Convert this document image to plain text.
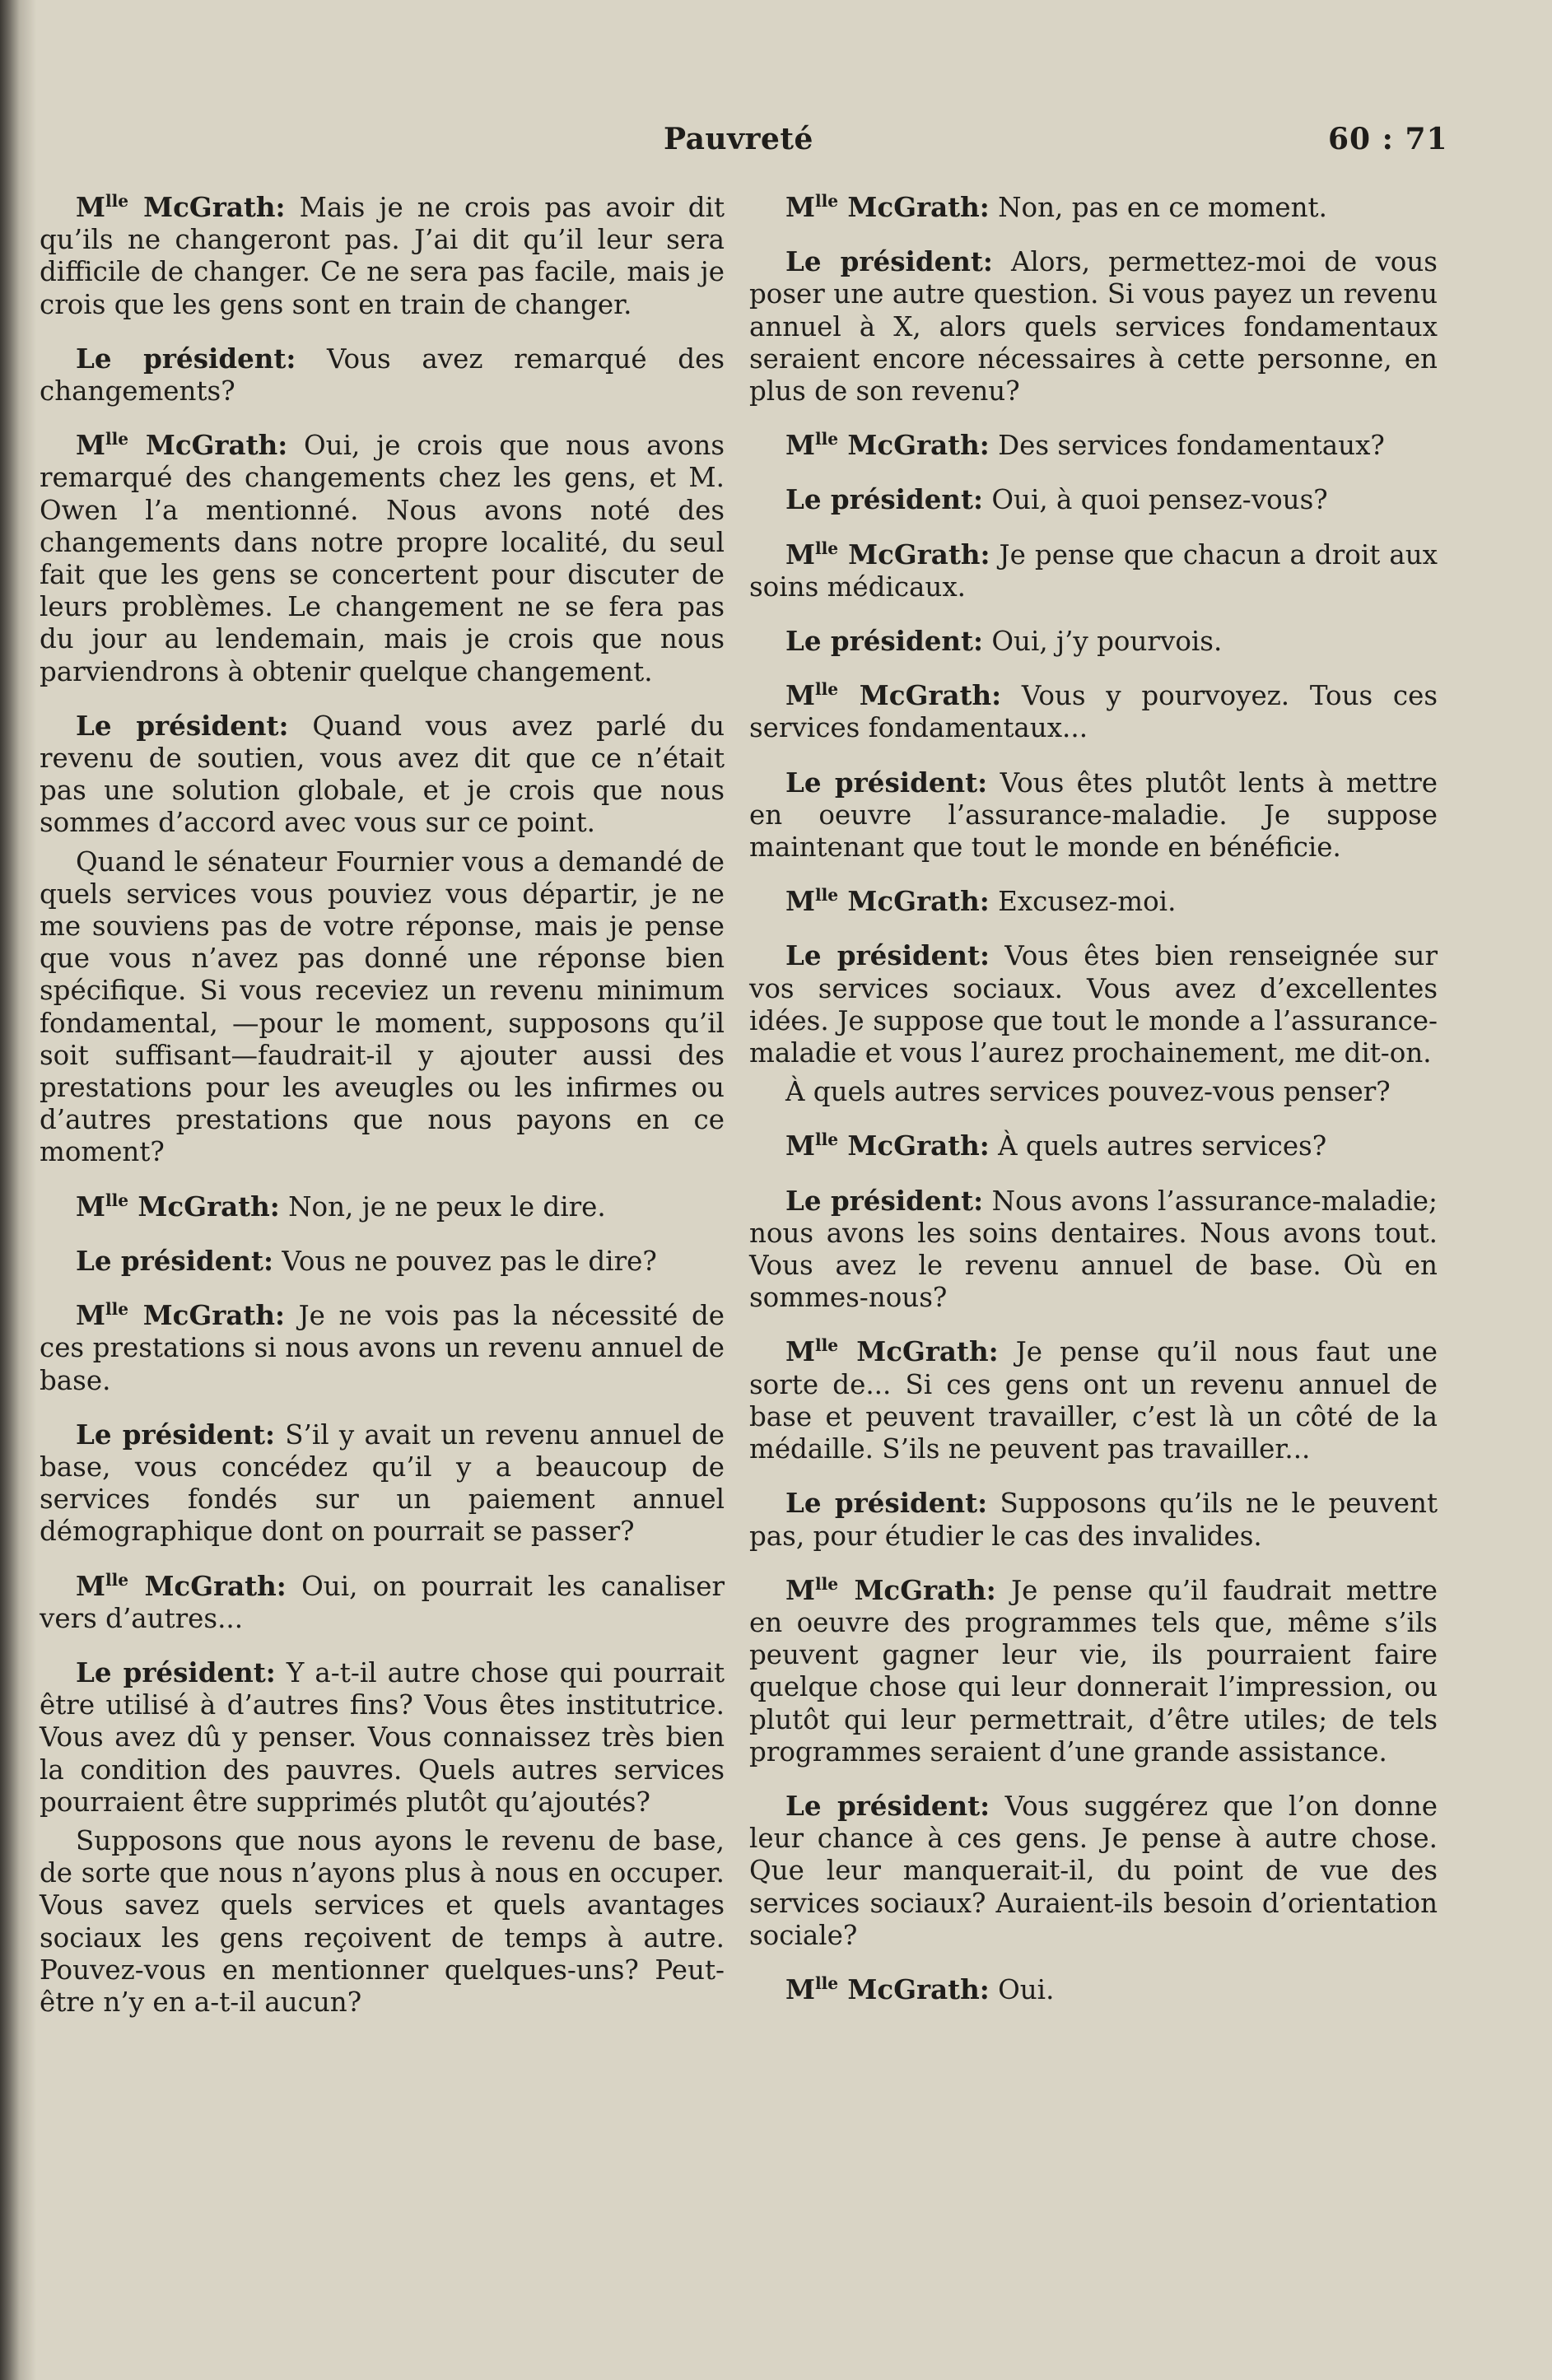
Pauvreté	60 : 71

$M^{lle}$ McGrath: Mais je ne crois pas avoir dit qu’ils ne changeront pas. J’ai dit qu’il leur sera difficile de changer. Ce ne sera pas facile, mais je crois que les gens sont en train de changer.

Le président: Vous avez remarqué des changements?

$M^{lle}$ McGrath: Oui, je crois que nous avons remarqué des changements chez les gens, et M. Owen l’a mentionné. Nous avons noté des changements dans notre propre localité, du seul fait que les gens se concertent pour discuter de leurs problèmes. Le changement ne se fera pas du jour au lendemain, mais je crois que nous parviendrons à obtenir quelque changement.

Le président: Quand vous avez parlé du revenu de soutien, vous avez dit que ce n’était pas une solution globale, et je crois que nous sommes d’accord avec vous sur ce point.

Quand le sénateur Fournier vous a demandé de quels services vous pouviez vous départir, je ne me souviens pas de votre réponse, mais je pense que vous n’avez pas donné une réponse bien spécifique. Si vous receviez un revenu minimum fondamental, —pour le moment, supposons qu’il soit suffisant—faudrait-il y ajouter aussi des prestations pour les aveugles ou les infirmes ou d’autres prestations que nous payons en ce moment?

$M^{lle}$ McGrath: Non, je ne peux le dire.

Le président: Vous ne pouvez pas le dire?

$M^{lle}$ McGrath: Je ne vois pas la nécessité de ces prestations si nous avons un revenu annuel de base.

Le président: S’il y avait un revenu annuel de base, vous concédez qu’il y a beaucoup de services fondés sur un paiement annuel démographique dont on pourrait se passer?

$M^{lle}$ McGrath: Oui, on pourrait les canaliser vers d’autres...

Le président: Y a-t-il autre chose qui pourrait être utilisé à d’autres fins? Vous êtes institutrice. Vous avez dû y penser. Vous connaissez très bien la condition des pauvres. Quels autres services pourraient être supprimés plutôt qu’ajoutés?

Supposons que nous ayons le revenu de base, de sorte que nous n’ayons plus à nous en occuper. Vous savez quels services et quels avantages sociaux les gens reçoivent de temps à autre. Pouvez-vous en mentionner quelques-uns? Peut-être n’y en a-t-il aucun?

$M^{lle}$ McGrath: Non, pas en ce moment.

Le président: Alors, permettez-moi de vous poser une autre question. Si vous payez un revenu annuel à X, alors quels services fondamentaux seraient encore nécessaires à cette personne, en plus de son revenu?

$M^{lle}$ McGrath: Des services fondamentaux?

Le président: Oui, à quoi pensez-vous?

$M^{lle}$ McGrath: Je pense que chacun a droit aux soins médicaux.

Le président: Oui, j’y pourvois.

$M^{lle}$ McGrath: Vous y pourvoyez. Tous ces services fondamentaux...

Le président: Vous êtes plutôt lents à mettre en oeuvre l’assurance-maladie. Je suppose maintenant que tout le monde en bénéficie.

$M^{lle}$ McGrath: Excusez-moi.

Le président: Vous êtes bien renseignée sur vos services sociaux. Vous avez d’excellentes idées. Je suppose que tout le monde a l’assurance-maladie et vous l’aurez prochainement, me dit-on.

À quels autres services pouvez-vous penser?

$M^{lle}$ McGrath: À quels autres services?

Le président: Nous avons l’assurance-maladie; nous avons les soins dentaires. Nous avons tout. Vous avez le revenu annuel de base. Où en sommes-nous?

$M^{lle}$ McGrath: Je pense qu’il nous faut une sorte de... Si ces gens ont un revenu annuel de base et peuvent travailler, c’est là un côté de la médaille. S’ils ne peuvent pas travailler...

Le président: Supposons qu’ils ne le peuvent pas, pour étudier le cas des invalides.

$M^{lle}$ McGrath: Je pense qu’il faudrait mettre en oeuvre des programmes tels que, même s’ils peuvent gagner leur vie, ils pourraient faire quelque chose qui leur donnerait l’impression, ou plutôt qui leur permettrait, d’être utiles; de tels programmes seraient d’une grande assistance.

Le président: Vous suggérez que l’on donne leur chance à ces gens. Je pense à autre chose. Que leur manquerait-il, du point de vue des services sociaux? Auraient-ils besoin d’orientation sociale?

$M^{lle}$ McGrath: Oui.
